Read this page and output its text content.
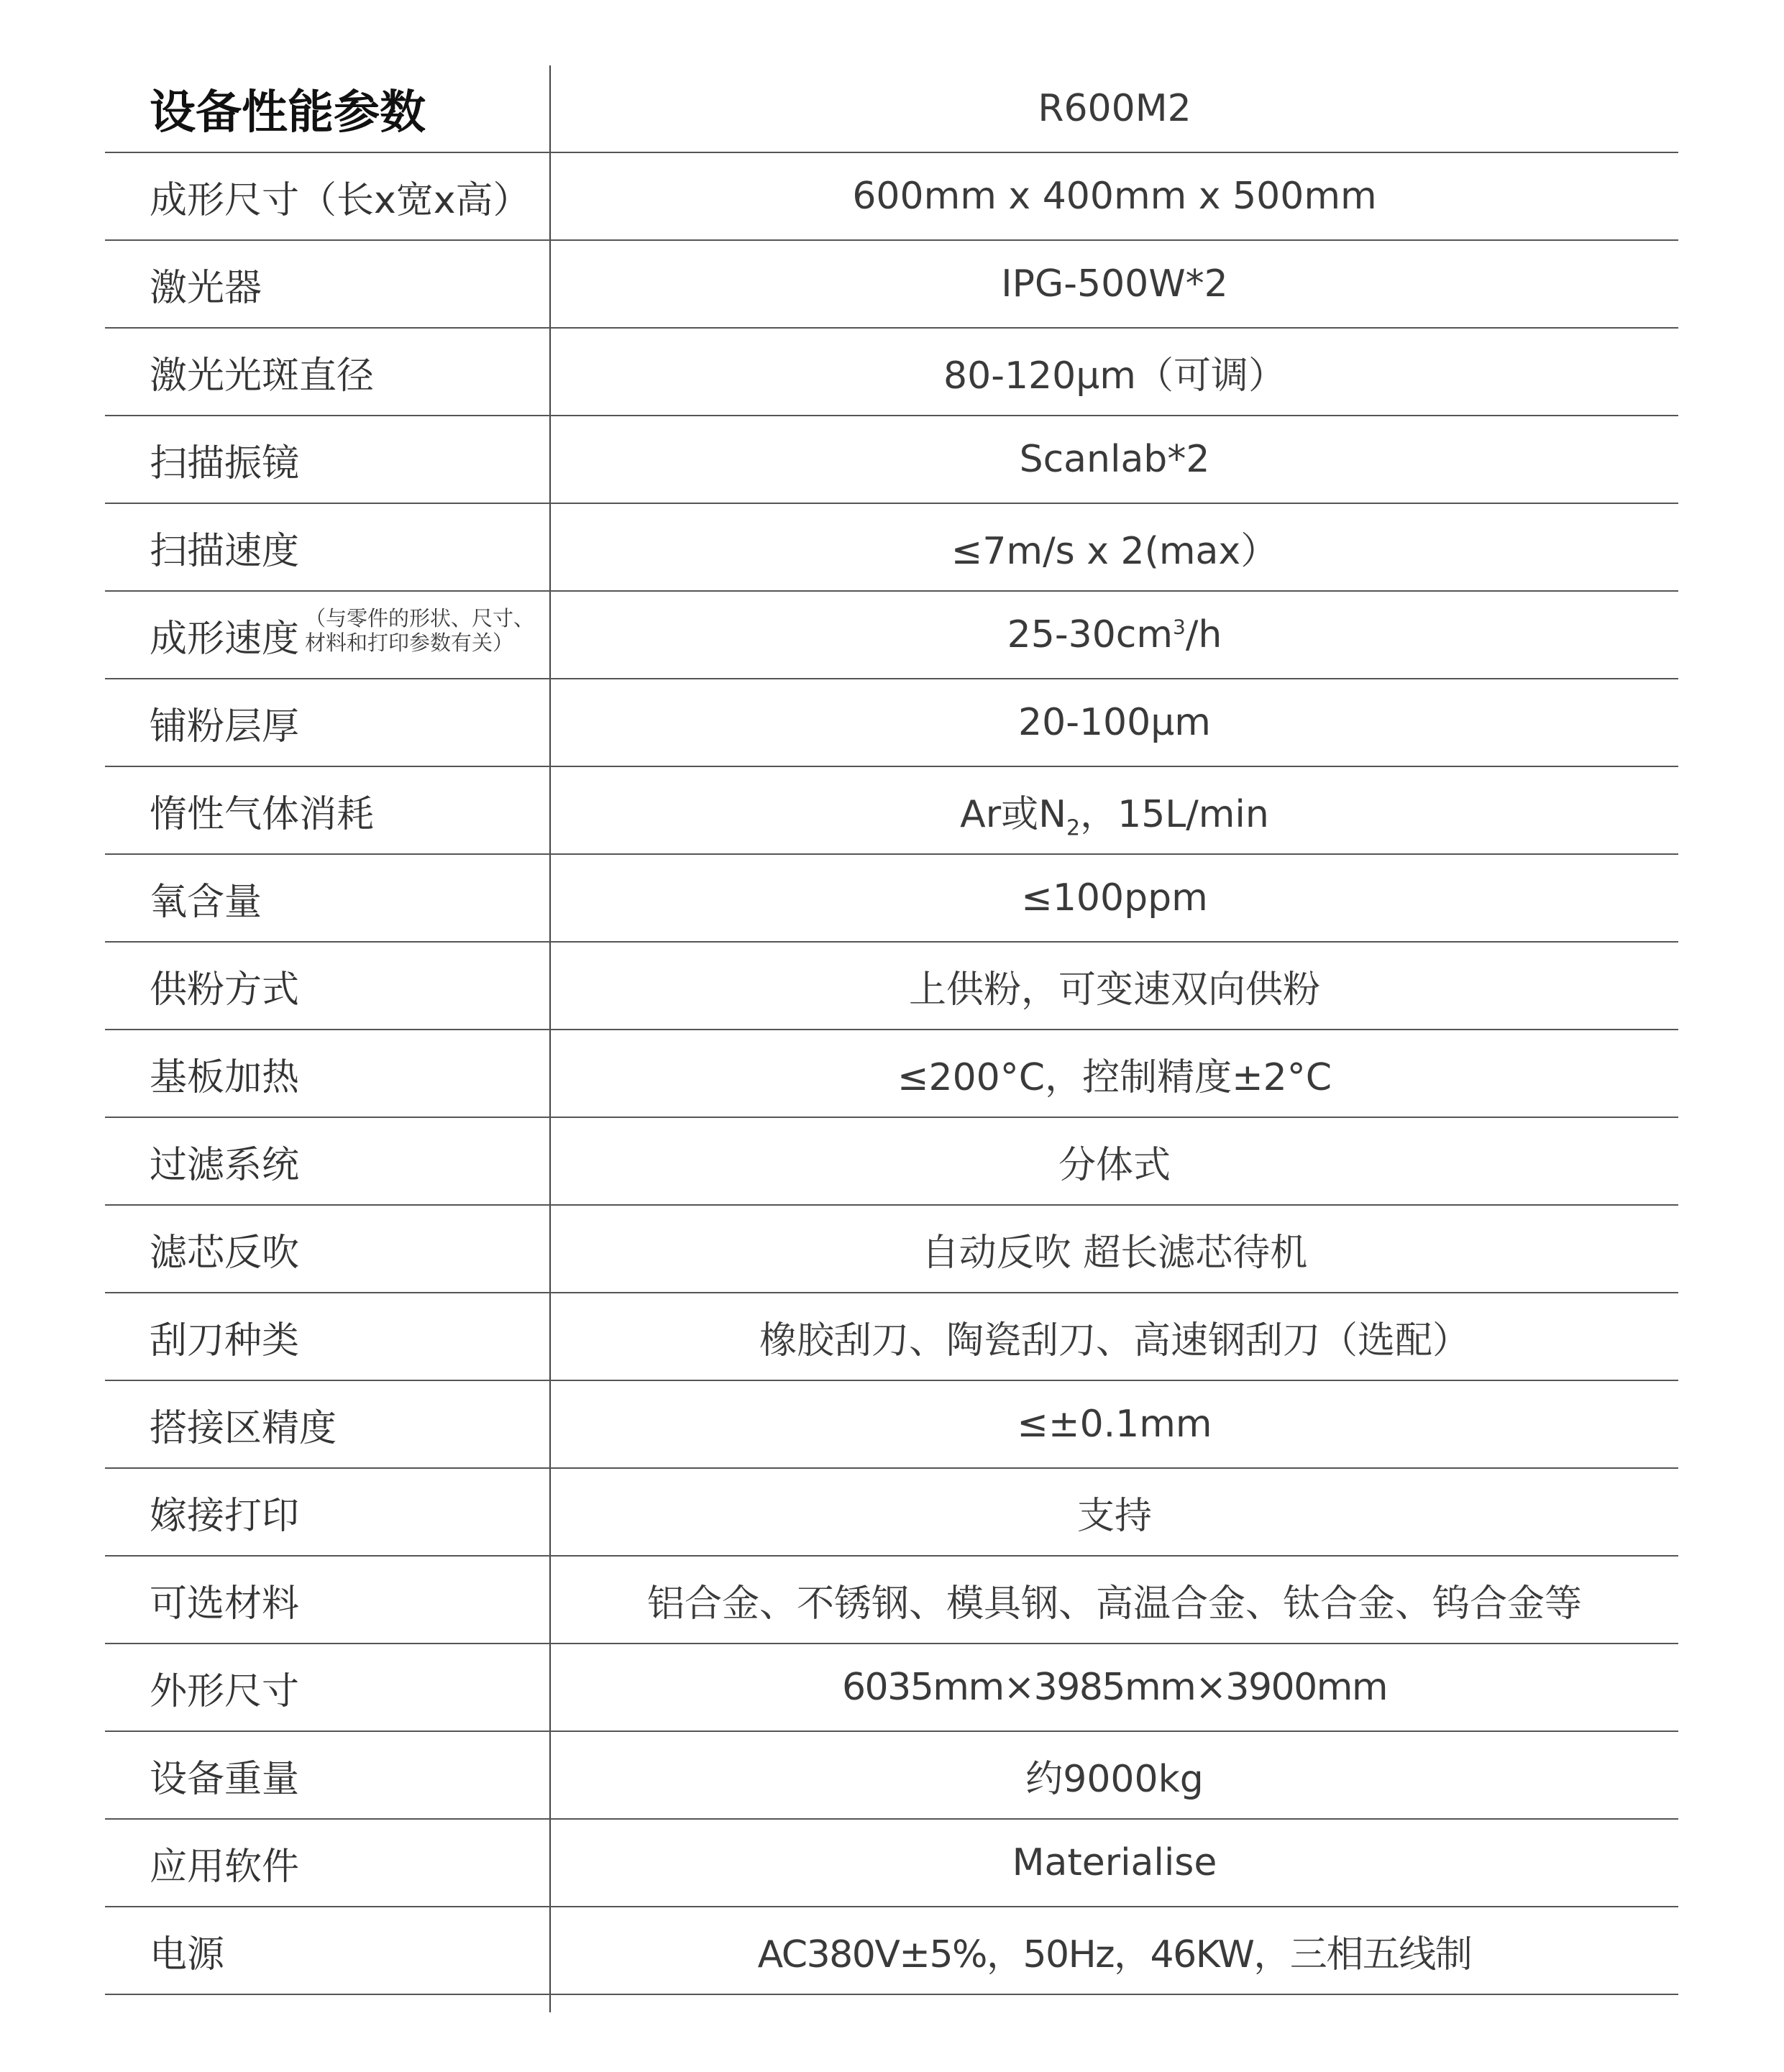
设备性能参数	R600M2
成形尺寸（长x宽x高）	600mm x 400mm x 500mm
激光器	IPG-500W*2
激光光斑直径	80-120μm（可调）
扫描振镜	Scanlab*2
扫描速度	≤7m/s x 2(max）
成形速度 （与零件的形状、尺寸、
材料和打印参数有关）	$25-30cm^3/h$
铺粉层厚	20-100μm
惰性气体消耗	Ar或$N_2$，15L/min
氧含量	≤100ppm
供粉方式	上供粉，可变速双向供粉
基板加热	≤200°C，控制精度±2°C
过滤系统	分体式
滤芯反吹	自动反吹 超长滤芯待机
刮刀种类	橡胶刮刀、陶瓷刮刀、高速钢刮刀（选配）
搭接区精度	≤±0.1mm
嫁接打印	支持
可选材料	铝合金、不锈钢、模具钢、高温合金、钛合金、钨合金等
外形尺寸	6035mm×3985mm×3900mm
设备重量	约9000kg
应用软件	Materialise
电源	AC380V±5%，50Hz，46KW，三相五线制
